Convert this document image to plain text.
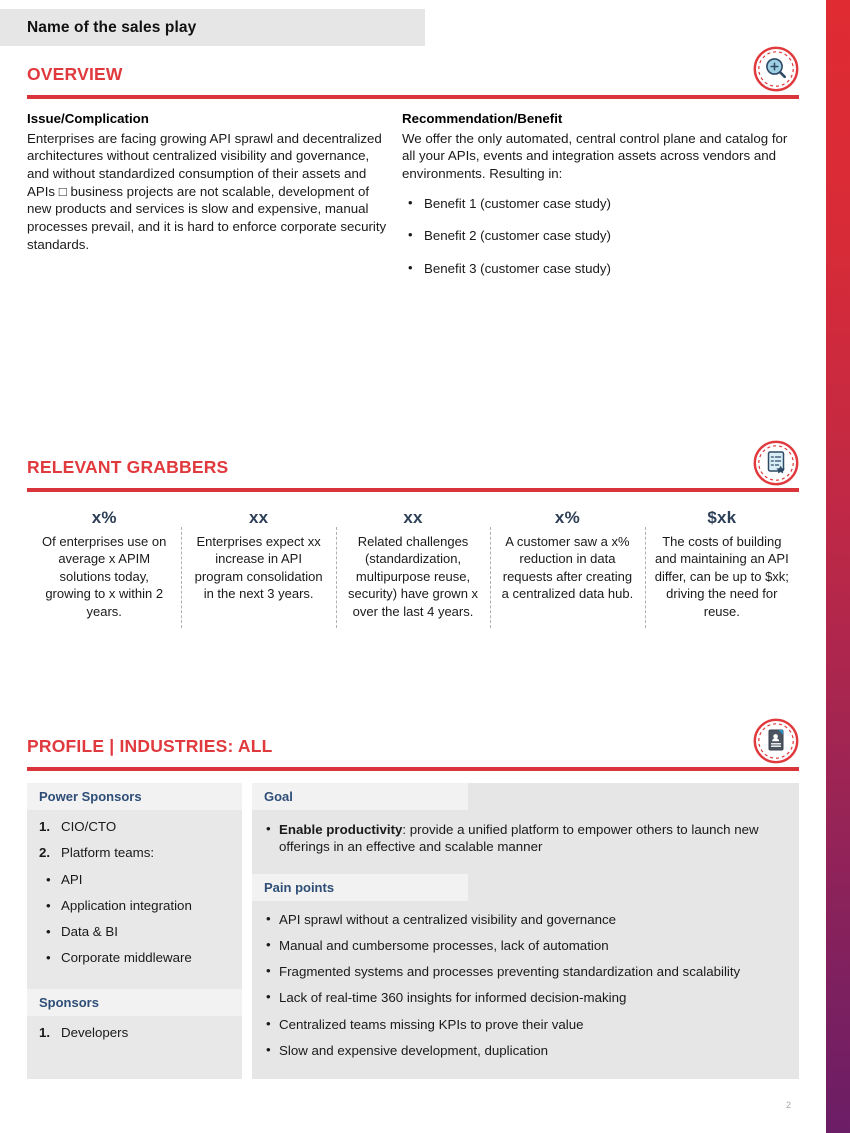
Name of the sales play
OVERVIEW
Issue/Complication
Enterprises are facing growing API sprawl and decentralized architectures without centralized visibility and governance, and without standardized consumption of their assets and APIs □ business projects are not scalable, development of new products and services is slow and expensive, manual processes prevail, and it is hard to enforce corporate security standards.
Recommendation/Benefit
We offer the only automated, central control plane and catalog for all your APIs, events and integration assets across vendors and environments. Resulting in:
• Benefit 1 (customer case study)
• Benefit 2 (customer case study)
• Benefit 3 (customer case study)
RELEVANT GRABBERS
x%
Of enterprises use on average x APIM solutions today, growing to x within 2 years.
xx
Enterprises expect xx increase in API program consolidation in the next 3 years.
xx
Related challenges (standardization, multipurpose reuse, security) have grown x over the last 4 years.
x%
A customer saw a x% reduction in data requests after creating a centralized data hub.
$xk
The costs of building and maintaining an API differ, can be up to $xk; driving the need for reuse.
PROFILE | INDUSTRIES: ALL
Power Sponsors
1. CIO/CTO
2. Platform teams:
• API
• Application integration
• Data & BI
• Corporate middleware
Sponsors
1. Developers
Goal
• Enable productivity: provide a unified platform to empower others to launch new offerings in an effective and scalable manner
Pain points
• API sprawl without a centralized visibility and governance
• Manual and cumbersome processes, lack of automation
• Fragmented systems and processes preventing standardization and scalability
• Lack of real-time 360 insights for informed decision-making
• Centralized teams missing KPIs to prove their value
• Slow and expensive development, duplication
2
